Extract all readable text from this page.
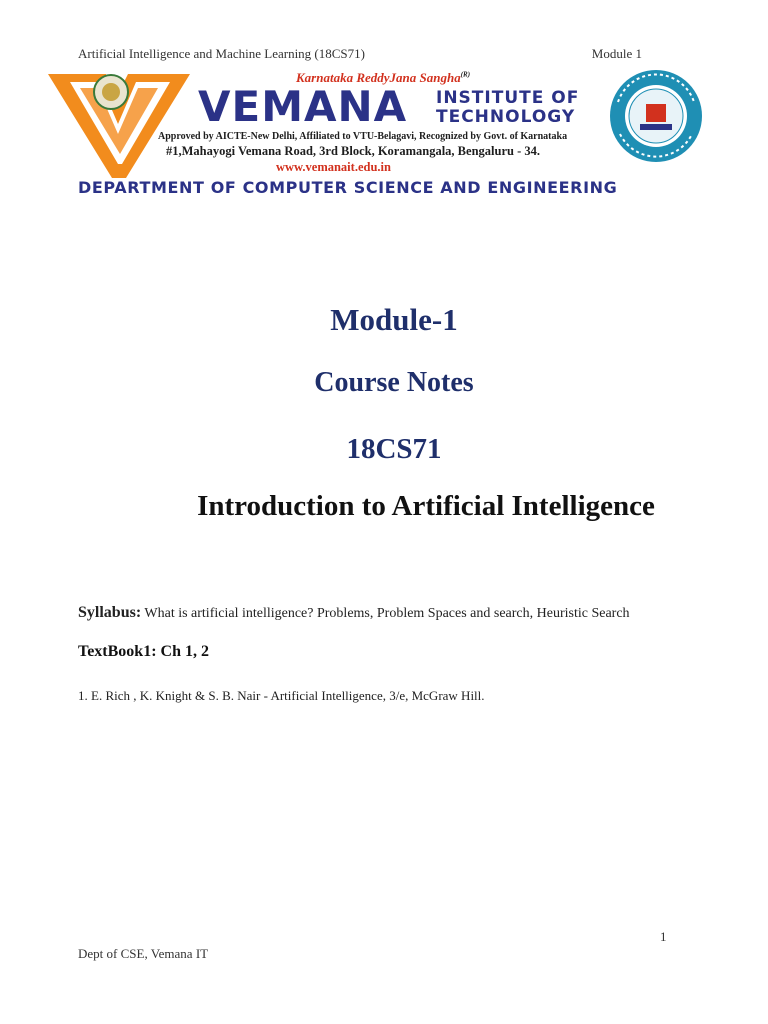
Artificial Intelligence and Machine Learning (18CS71)	Module 1
Karnataka ReddyJana Sangha$^{(R)}$
VEMANA INSTITUTE OF
TECHNOLOGY
Approved by AICTE-New Delhi, Affiliated to VTU-Belagavi, Recognized by Govt. of Karnataka
#1,Mahayogi Vemana Road, 3rd Block, Koramangala, Bengaluru - 34.
www.vemanait.edu.in
DEPARTMENT OF COMPUTER SCIENCE AND ENGINEERING
Module-1
Course Notes
18CS71
Introduction to Artificial Intelligence
Syllabus: What is artificial intelligence? Problems, Problem Spaces and search, Heuristic Search
TextBook1: Ch 1, 2
1. E. Rich , K. Knight & S. B. Nair - Artificial Intelligence, 3/e, McGraw Hill.
1
Dept of CSE, Vemana IT
